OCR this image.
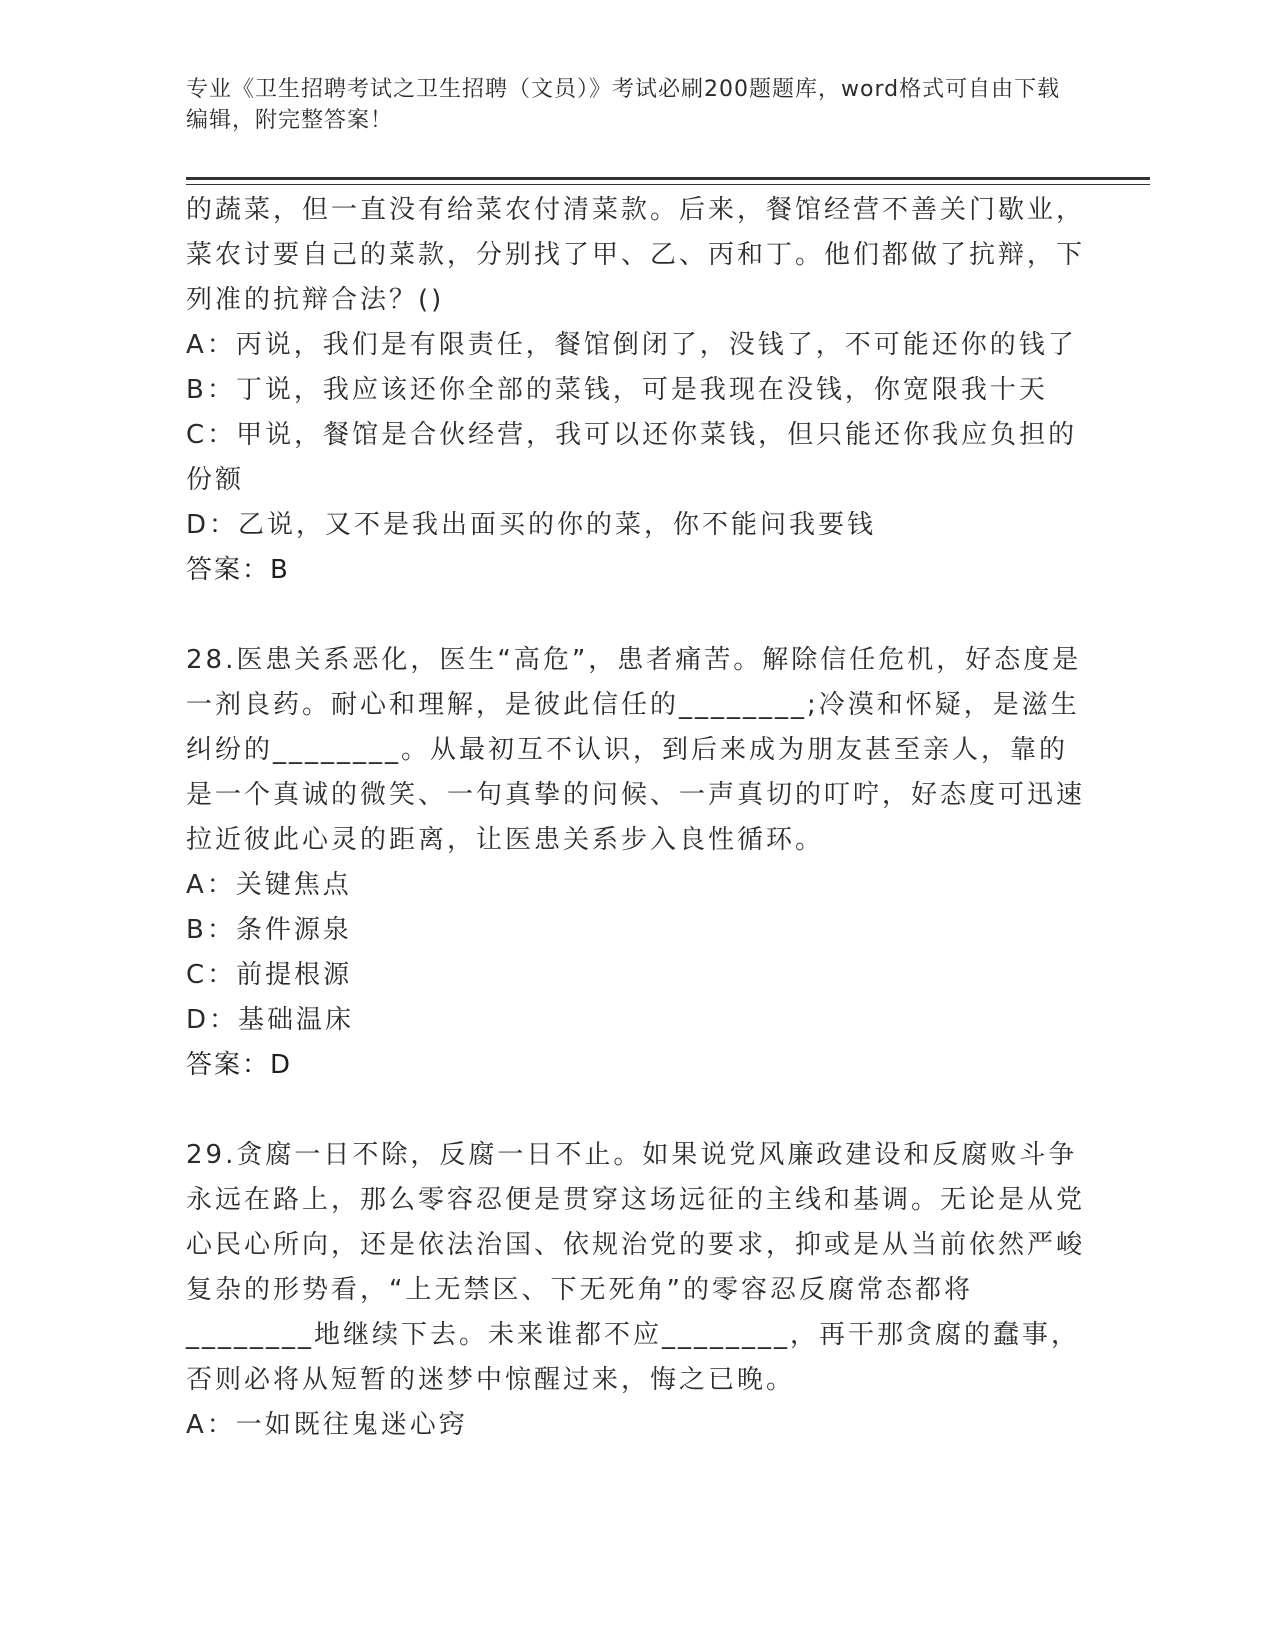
专业《卫生招聘考试之卫生招聘（文员）》考试必刷200题题库，word格式可自由下载编辑，附完整答案！

的蔬菜，但一直没有给菜农付清菜款。后来，餐馆经营不善关门歇业，菜农讨要自己的菜款，分别找了甲、乙、丙和丁。他们都做了抗辩，下列准的抗辩合法？()

A：丙说，我们是有限责任，餐馆倒闭了，没钱了，不可能还你的钱了

B：丁说，我应该还你全部的菜钱，可是我现在没钱，你宽限我十天

C：甲说，餐馆是合伙经营，我可以还你菜钱，但只能还你我应负担的份额

D：乙说，又不是我出面买的你的菜，你不能问我要钱

答案：B

28.医患关系恶化，医生“高危”，患者痛苦。解除信任危机，好态度是一剂良药。耐心和理解，是彼此信任的________;冷漠和怀疑，是滋生纠纷的________。从最初互不认识，到后来成为朋友甚至亲人，靠的是一个真诚的微笑、一句真挚的问候、一声真切的叮咛，好态度可迅速拉近彼此心灵的距离，让医患关系步入良性循环。

A：关键焦点

B：条件源泉

C：前提根源

D：基础温床

答案：D

29.贪腐一日不除，反腐一日不止。如果说党风廉政建设和反腐败斗争永远在路上，那么零容忍便是贯穿这场远征的主线和基调。无论是从党心民心所向，还是依法治国、依规治党的要求，抑或是从当前依然严峻复杂的形势看，“上无禁区、下无死角”的零容忍反腐常态都将________地继续下去。未来谁都不应________，再干那贪腐的蠢事，否则必将从短暂的迷梦中惊醒过来，悔之已晚。

A：一如既往鬼迷心窍
